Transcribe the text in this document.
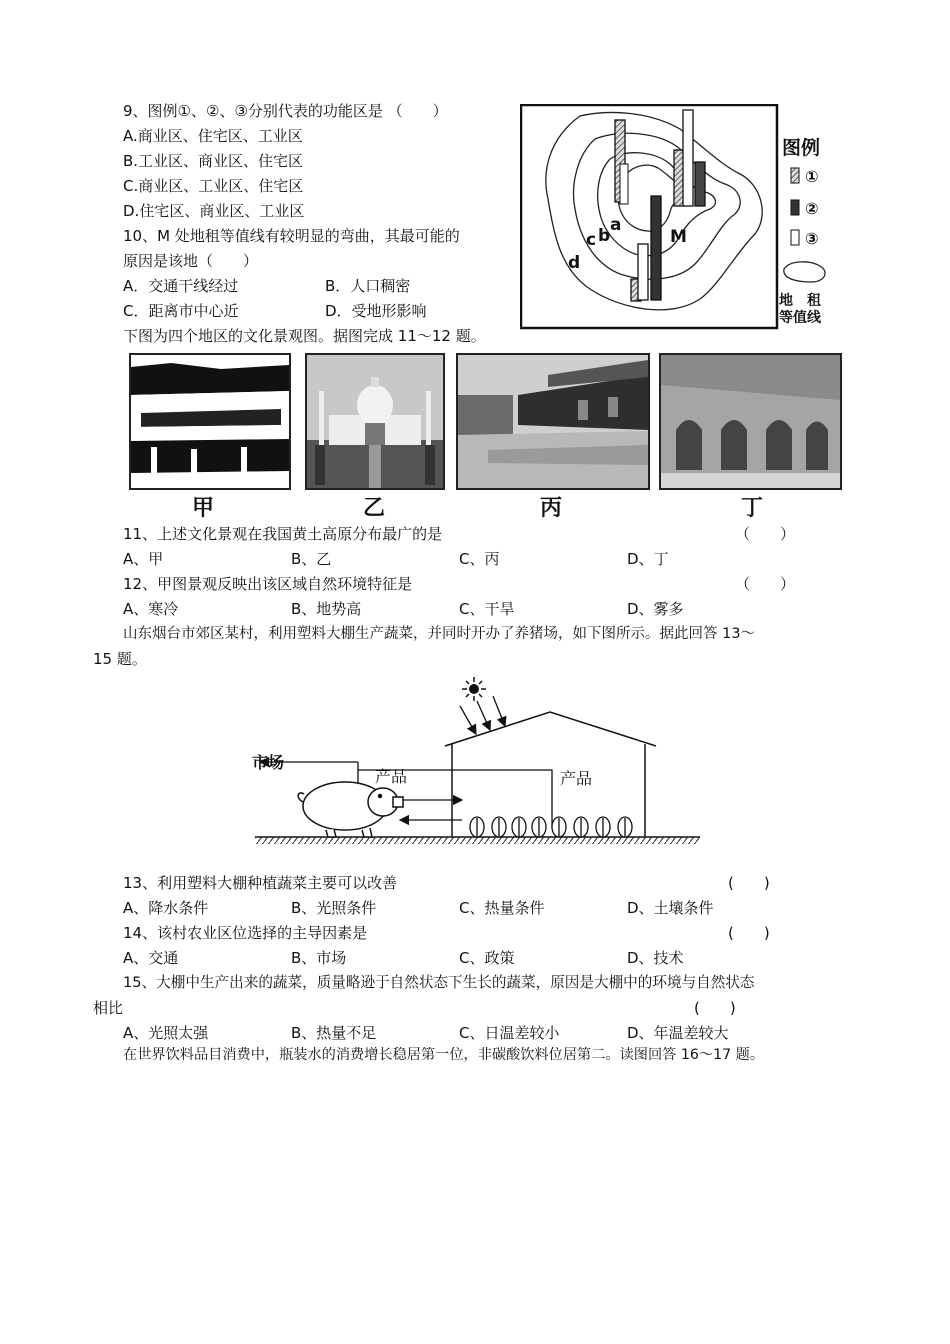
9、图例①、②、③分别代表的功能区是 （　　）
A.商业区、住宅区、工业区
B.工业区、商业区、住宅区
C.商业区、工业区、住宅区
D.住宅区、商业区、工业区
10、M 处地租等值线有较明显的弯曲，其最可能的
原因是该地（　　）
A．交通干线经过	B．人口稠密
C．距离市中心近	D．受地形影响
a
b
c
d
M
图例
①
②
③
地　租
等值线
下图为四个地区的文化景观图。据图完成 11～12 题。
甲	乙	丙	丁
11、上述文化景观在我国黄土高原分布最广的是	（　　）
A、甲	B、乙	C、丙	D、丁
12、甲图景观反映出该区域自然环境特征是	（　　）
A、寒冷	B、地势高	C、干旱	D、雾多
山东烟台市郊区某村，利用塑料大棚生产蔬菜，并同时开办了养猪场，如下图所示。据此回答 13～
15 题。
市场
产品	产品
13、利用塑料大棚种植蔬菜主要可以改善	(　　)
A、降水条件	B、光照条件	C、热量条件	D、土壤条件
14、该村农业区位选择的主导因素是	(　　)
A、交通	B、市场	C、政策	D、技术
15、大棚中生产出来的蔬菜，质量略逊于自然状态下生长的蔬菜，原因是大棚中的环境与自然状态
相比	(　　)
A、光照太强	B、热量不足	C、日温差较小	D、年温差较大
在世界饮料品目消费中，瓶装水的消费增长稳居第一位，非碳酸饮料位居第二。读图回答 16～17 题。
